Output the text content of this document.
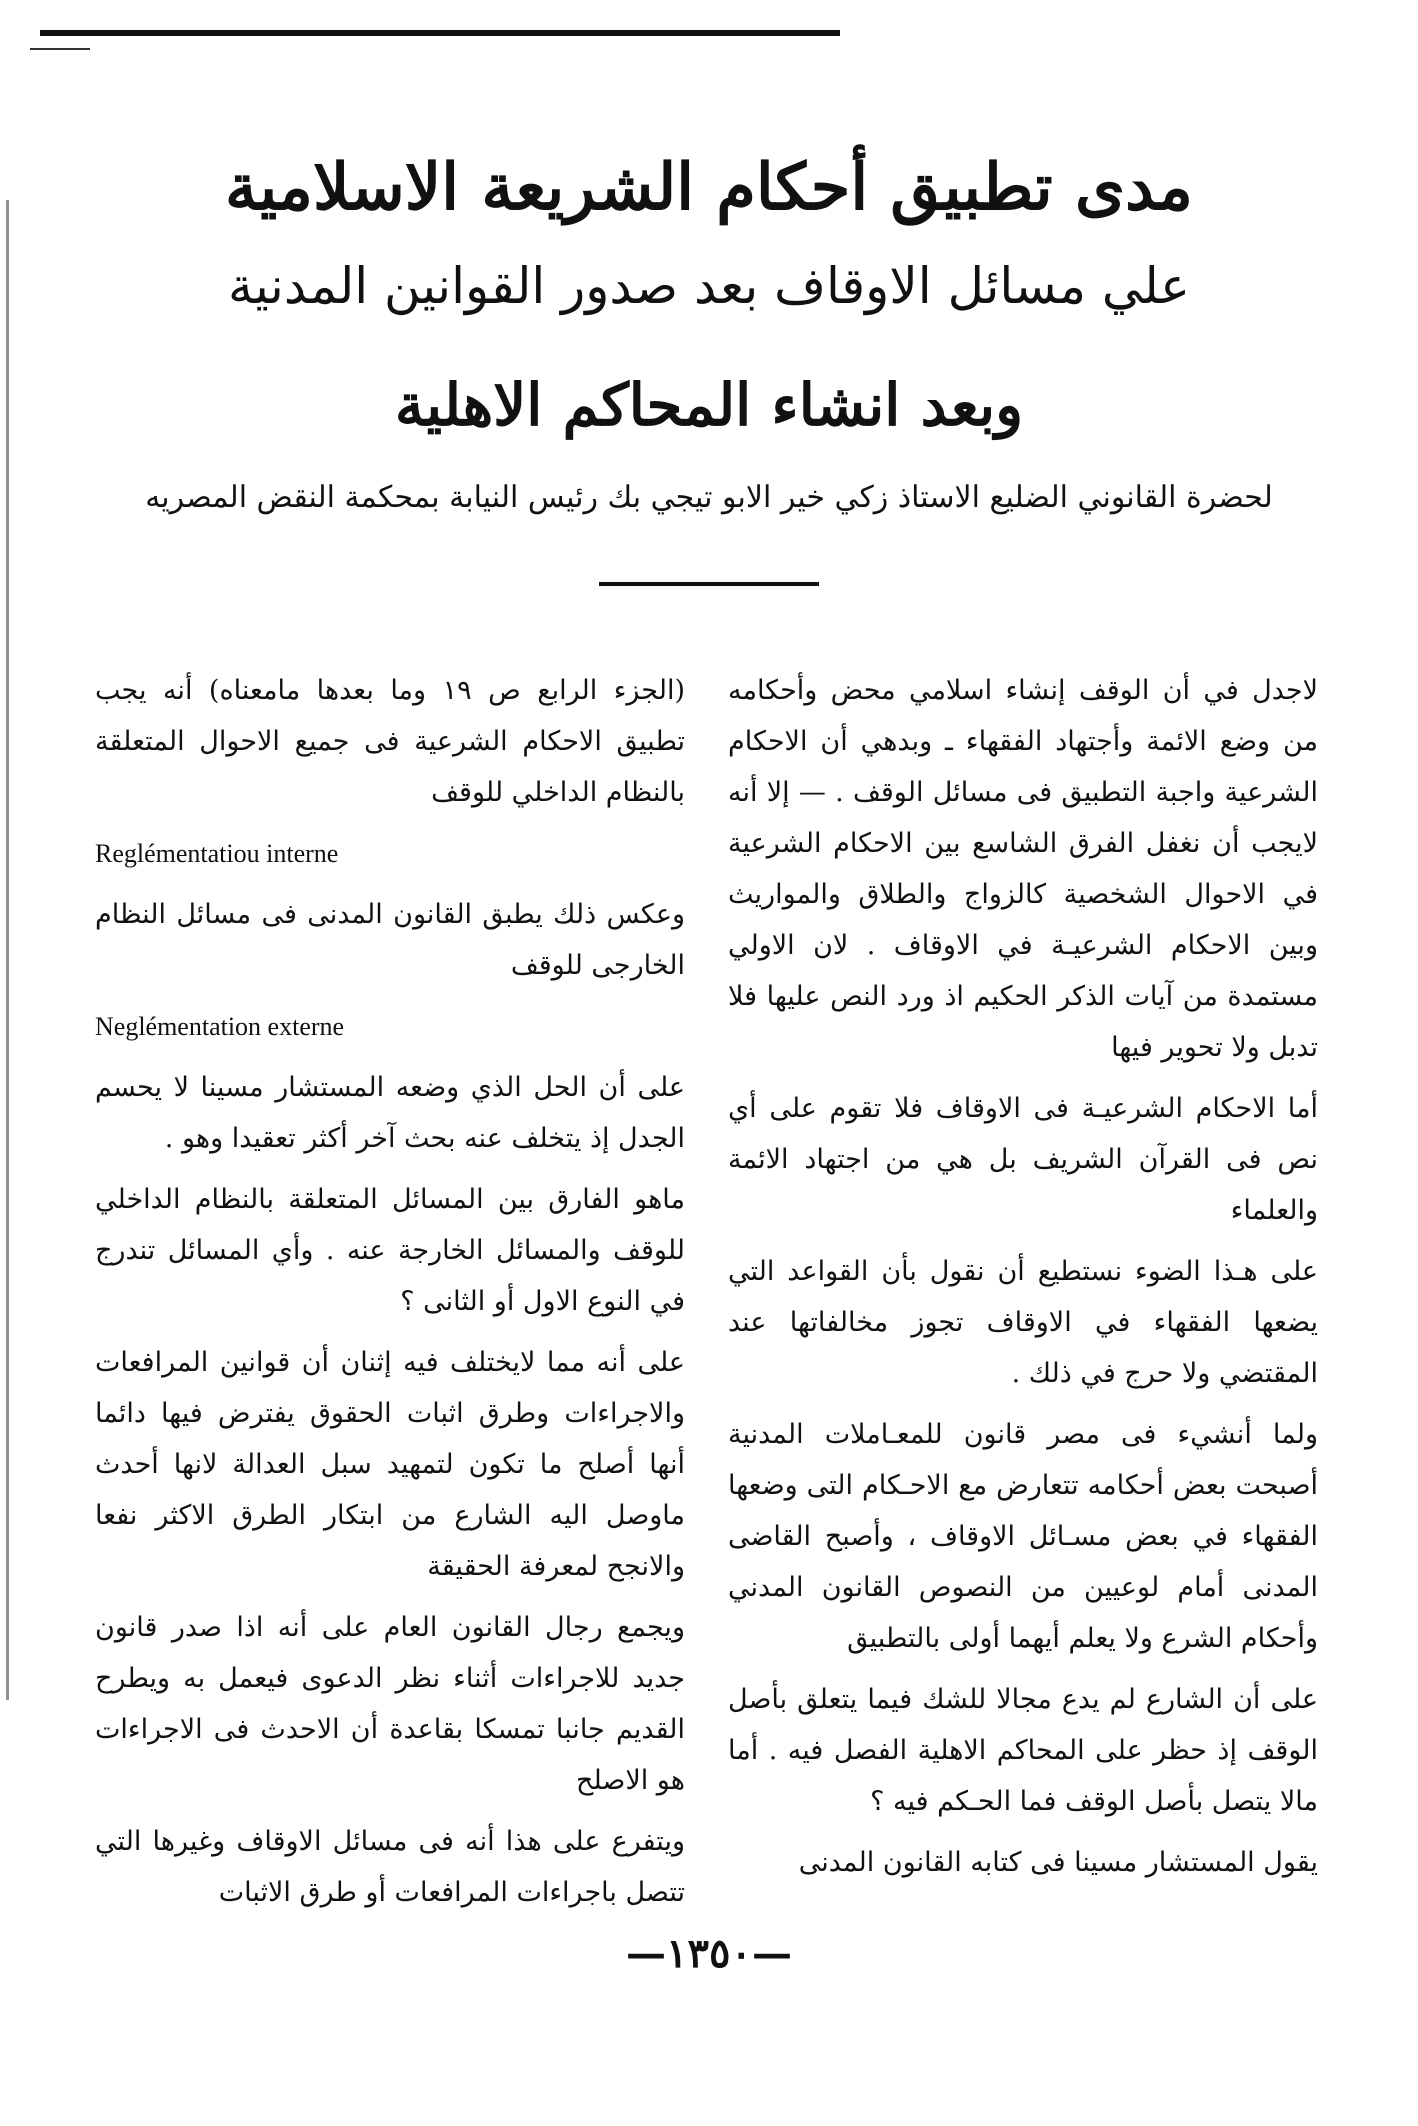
مدى تطبيق أحكام الشريعة الاسلامية
علي مسائل الاوقاف بعد صدور القوانين المدنية
وبعد انشاء المحاكم الاهلية
لحضرة القانوني الضليع الاستاذ زكي خير الابو تيجي بك رئيس النيابة بمحكمة النقض المصريه

لاجدل في أن الوقف إنشاء اسلامي محض وأحكامه من وضع الائمة وأجتهاد الفقهاء ـ وبدهي أن الاحكام الشرعية واجبة التطبيق فى مسائل الوقف . — إلا أنه لايجب أن نغفل الفرق الشاسع بين الاحكام الشرعية في الاحوال الشخصية كالزواج والطلاق والمواريث وبين الاحكام الشرعيـة في الاوقاف . لان الاولي مستمدة من آيات الذكر الحكيم اذ ورد النص عليها فلا تدبل ولا تحوير فيها

أما الاحكام الشرعيـة فى الاوقاف فلا تقوم على أي نص فى القرآن الشريف بل هي من اجتهاد الائمة والعلماء

على هـذا الضوء نستطيع أن نقول بأن القواعد التي يضعها الفقهاء في الاوقاف تجوز مخالفاتها عند المقتضي ولا حرج في ذلك .

ولما أنشيء فى مصر قانون للمعـاملات المدنية أصبحت بعض أحكامه تتعارض مع الاحـكام التى وضعها الفقهاء في بعض مسـائل الاوقاف ، وأصبح القاضى المدنى أمام لوعيين من النصوص القانون المدني وأحكام الشرع ولا يعلم أيهما أولى بالتطبيق

على أن الشارع لم يدع مجالا للشك فيما يتعلق بأصل الوقف إذ حظر على المحاكم الاهلية الفصل فيه . أما مالا يتصل بأصل الوقف فما الحـكم فيه ؟

يقول المستشار مسينا فى كتابه القانون المدنى

(الجزء الرابع ص ١٩ وما بعدها مامعناه) أنه يجب تطبيق الاحكام الشرعية فى جميع الاحوال المتعلقة بالنظام الداخلي للوقف

Reglémentatiou interne

وعكس ذلك يطبق القانون المدنى فى مسائل النظام الخارجى للوقف

Neglémentation externe

على أن الحل الذي وضعه المستشار مسينا لا يحسم الجدل إذ يتخلف عنه بحث آخر أكثر تعقيدا وهو .

ماهو الفارق بين المسائل المتعلقة بالنظام الداخلي للوقف والمسائل الخارجة عنه . وأي المسائل تندرج في النوع الاول أو الثانى ؟

على أنه مما لايختلف فيه إثنان أن قوانين المرافعات والاجراءات وطرق اثبات الحقوق يفترض فيها دائما أنها أصلح ما تكون لتمهيد سبل العدالة لانها أحدث ماوصل اليه الشارع من ابتكار الطرق الاكثر نفعا والانجح لمعرفة الحقيقة

ويجمع رجال القانون العام على أنه اذا صدر قانون جديد للاجراءات أثناء نظر الدعوى فيعمل به ويطرح القديم جانبا تمسكا بقاعدة أن الاحدث فى الاجراءات هو الاصلح

ويتفرع على هذا أنه فى مسائل الاوقاف وغيرها التي تتصل باجراءات المرافعات أو طرق الاثبات

—١٣٥٠—
